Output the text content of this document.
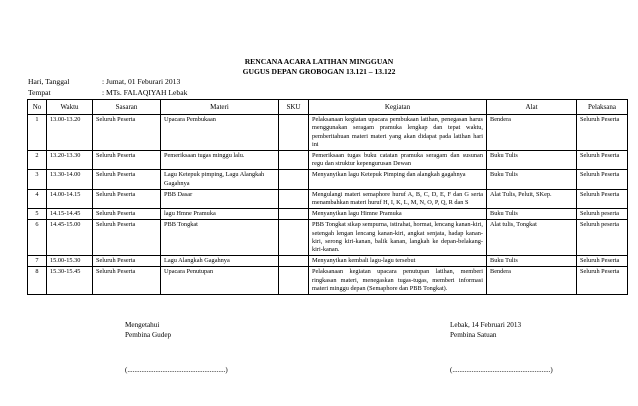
RENCANA ACARA LATIHAN MINGGUAN
GUGUS DEPAN GROBOGAN 13.121 – 13.122
Hari, Tanggal	: Jumat, 01 Feburari 2013
Tempat	: MTs. FALAQIYAH Lebak
No	Waktu	Sasaran	Materi	SKU	Kegiatan	Alat	Pelaksana
1	13.00-13.20	Seluruh Peserta	Upacara Pembukaan		Pelaksanaan kegiatan upacara pembukaan latihan, penegasan harus menggunakan seragam pramuka lengkap dan tepat waktu, pemberitahuan materi materi yang akan didapat pada latihan hari ini	Bendera	Seluruh Peserta
2	13.20-13.30	Seluruh Peserta	Pemeriksaan tugas minggu lalu.		Pemeriksaan tugas buku catatan pramuka seragam dan susunan regu dan struktur kepengurusan Dewan	Buku Tulis	Seluruh Peserta
3	13.30-14.00	Seluruh Peserta	Lagu Ketepuk pimping, Lagu Alangkah Gagahnya		Menyanyikan lagu Ketepuk Pimping dan alangkah gagahnya	Buku Tulis	Seluruh Peserta
4	14.00-14.15	Seluruh Peserta	PBB Dasar		Mengulangi materi semaphore huruf A, B, C, D, E, F dan G serta menambahkan materi huruf H, I, K, L, M, N, O, P, Q, R dan S	Alat Tulis, Peluit, SKep.	Seluruh Peserta
5	14.15-14.45	Seluruh Peserta	lagu Hmne Pramuka		Menyanyikan lagu Himne Pramuka	Buku Tulis	Seluruh peserta
6	14.45-15.00	Seluruh Peserta	PBB Tongkat		PBB Tongkat sikap sempurna, istirahat, hormat, lencang kanan-kiri, setengah lengan lencang kanan-kiri, angkat senjata, hadap kanan-kiri, serong kiri-kanan, balik kanan, langkah ke depan-belakang-kiri-kanan.	Alat tulis, Tongkat	Seluruh peserta
7	15.00-15.30	Seluruh Peserta	Lagu Alangkah Gagahnya		Menyanyikan kembali lagu-lagu tersebut	Buku Tulis	Seluruh Peserta
8	15.30-15.45	Seluruh Peserta	Upacara Penutupan		Pelaksanaan kegiatan upacara penutupan latihan, memberi ringkasan materi, menegaskan tugas-tugas, memberi informasi materi minggu depan (Semaphore dan PBB Tongkat).	Bendera	Seluruh Peserta
Mengetahui
Pembina Gudep
(........................................................)
Lebak, 14 Februari 2013
Pembina Satuan
(........................................................)
